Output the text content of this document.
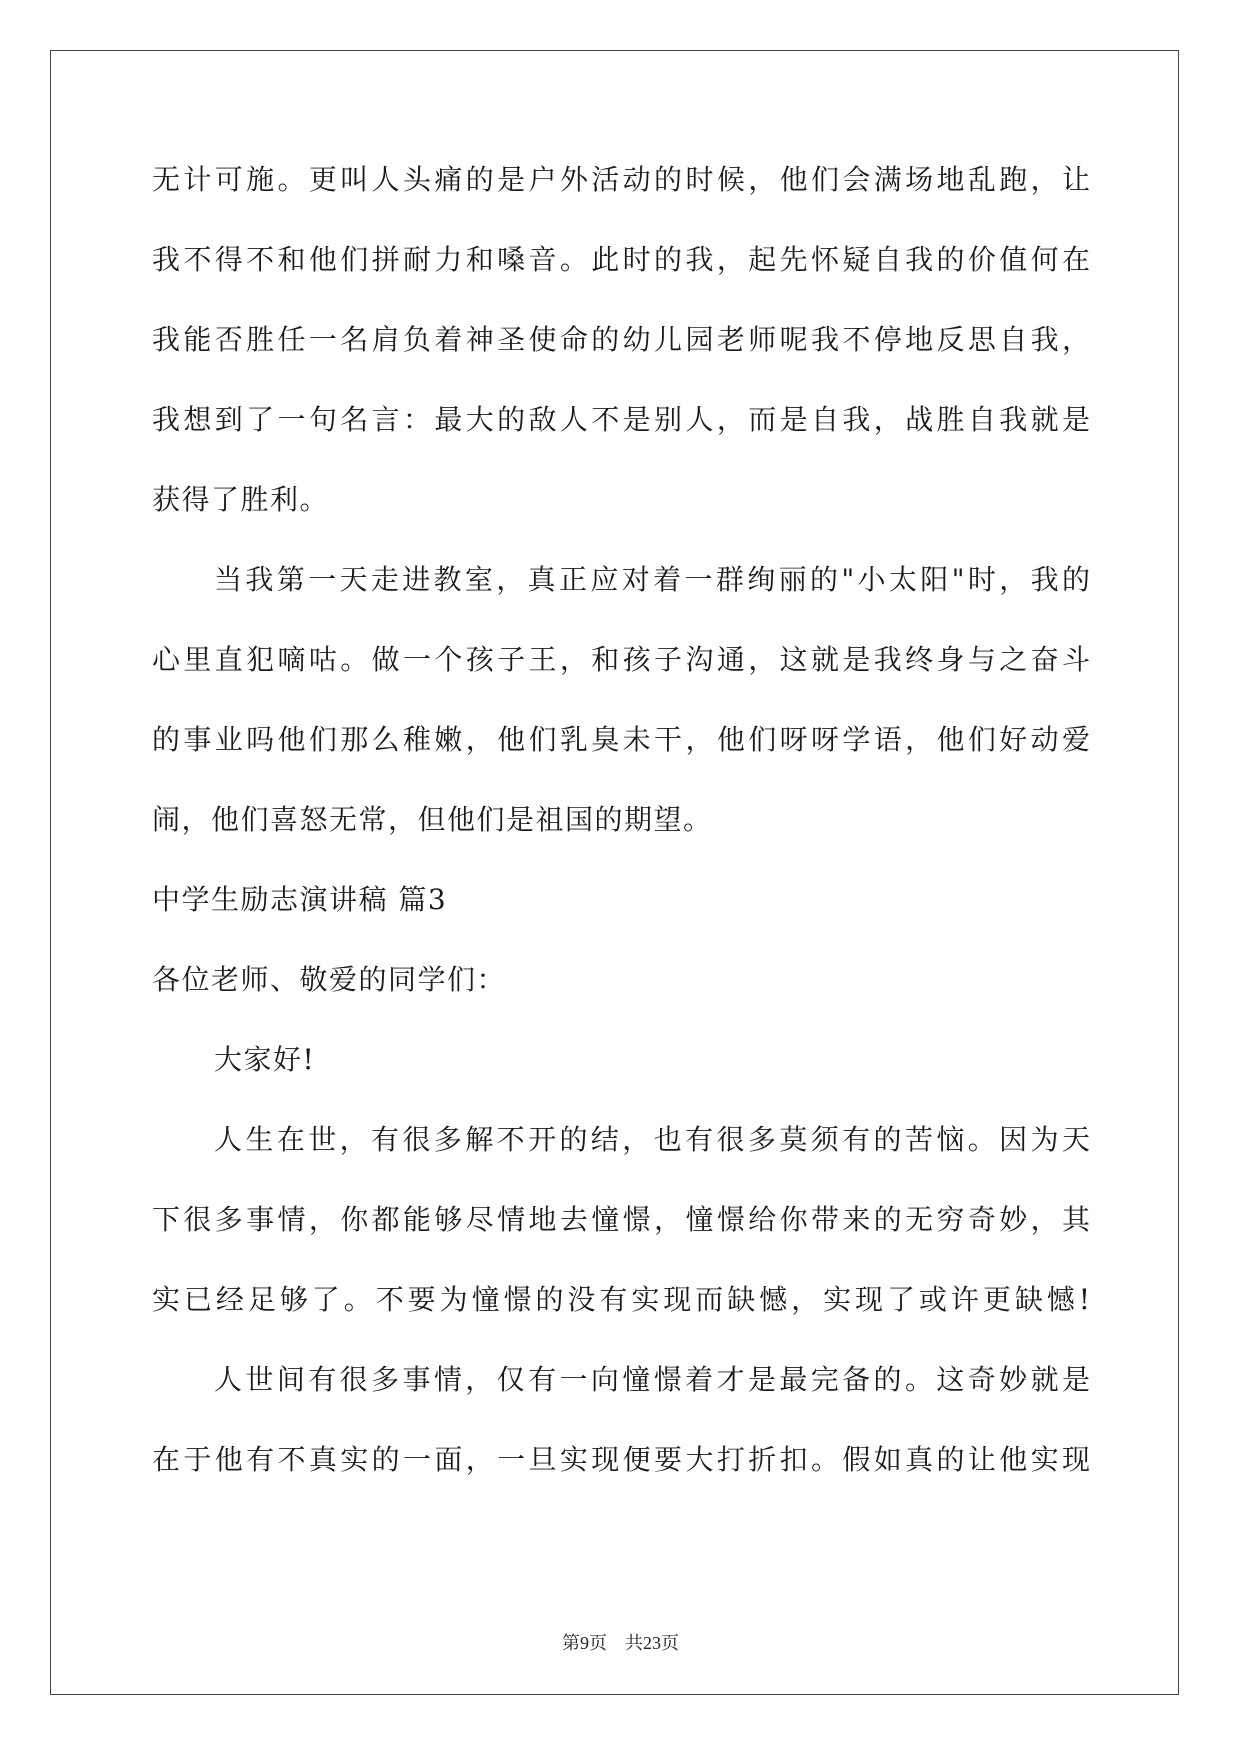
无计可施。更叫人头痛的是户外活动的时候，他们会满场地乱跑，让
我不得不和他们拼耐力和嗓音。此时的我，起先怀疑自我的价值何在
我能否胜任一名肩负着神圣使命的幼儿园老师呢我不停地反思自我，
我想到了一句名言：最大的敌人不是别人，而是自我，战胜自我就是
获得了胜利。
当我第一天走进教室，真正应对着一群绚丽的"小太阳"时，我的
心里直犯嘀咕。做一个孩子王，和孩子沟通，这就是我终身与之奋斗
的事业吗他们那么稚嫩，他们乳臭未干，他们呀呀学语，他们好动爱
闹，他们喜怒无常，但他们是祖国的期望。
中学生励志演讲稿 篇3
各位老师、敬爱的同学们：
大家好!
人生在世，有很多解不开的结，也有很多莫须有的苦恼。因为天
下很多事情，你都能够尽情地去憧憬，憧憬给你带来的无穷奇妙，其
实已经足够了。不要为憧憬的没有实现而缺憾，实现了或许更缺憾!
人世间有很多事情，仅有一向憧憬着才是最完备的。这奇妙就是
在于他有不真实的一面，一旦实现便要大打折扣。假如真的让他实现
第9页 共23页
